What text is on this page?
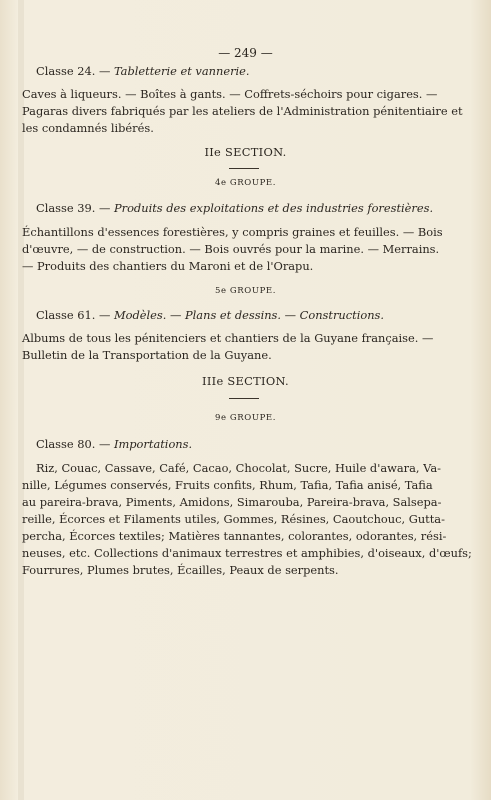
— 249 —
Classe 24. — Tabletterie et vannerie.
Caves à liqueurs. — Boîtes à gants. — Coffrets-séchoirs pour cigares. —
Pagaras divers fabriqués par les ateliers de l'Administration pénitentiaire et
les condamnés libérés.
IIe SECTION.
4e GROUPE.
Classe 39. — Produits des exploitations et des industries forestières.
Échantillons d'essences forestières, y compris graines et feuilles. — Bois
d'œuvre, — de construction. — Bois ouvrés pour la marine. — Merrains.
— Produits des chantiers du Maroni et de l'Orapu.
5e GROUPE.
Classe 61. — Modèles. — Plans et dessins. — Constructions.
Albums de tous les pénitenciers et chantiers de la Guyane française. —
Bulletin de la Transportation de la Guyane.
IIIe SECTION.
9e GROUPE.
Classe 80. — Importations.
Riz, Couac, Cassave, Café, Cacao, Chocolat, Sucre, Huile d'awara, Va-
nille, Légumes conservés, Fruits confits, Rhum, Tafia, Tafia anisé, Tafia
au pareira-brava, Piments, Amidons, Simarouba, Pareira-brava, Salsepa-
reille, Écorces et Filaments utiles, Gommes, Résines, Caoutchouc, Gutta-
percha, Écorces textiles; Matières tannantes, colorantes, odorantes, rési-
neuses, etc. Collections d'animaux terrestres et amphibies, d'oiseaux, d'œufs;
Fourrures, Plumes brutes, Écailles, Peaux de serpents.
